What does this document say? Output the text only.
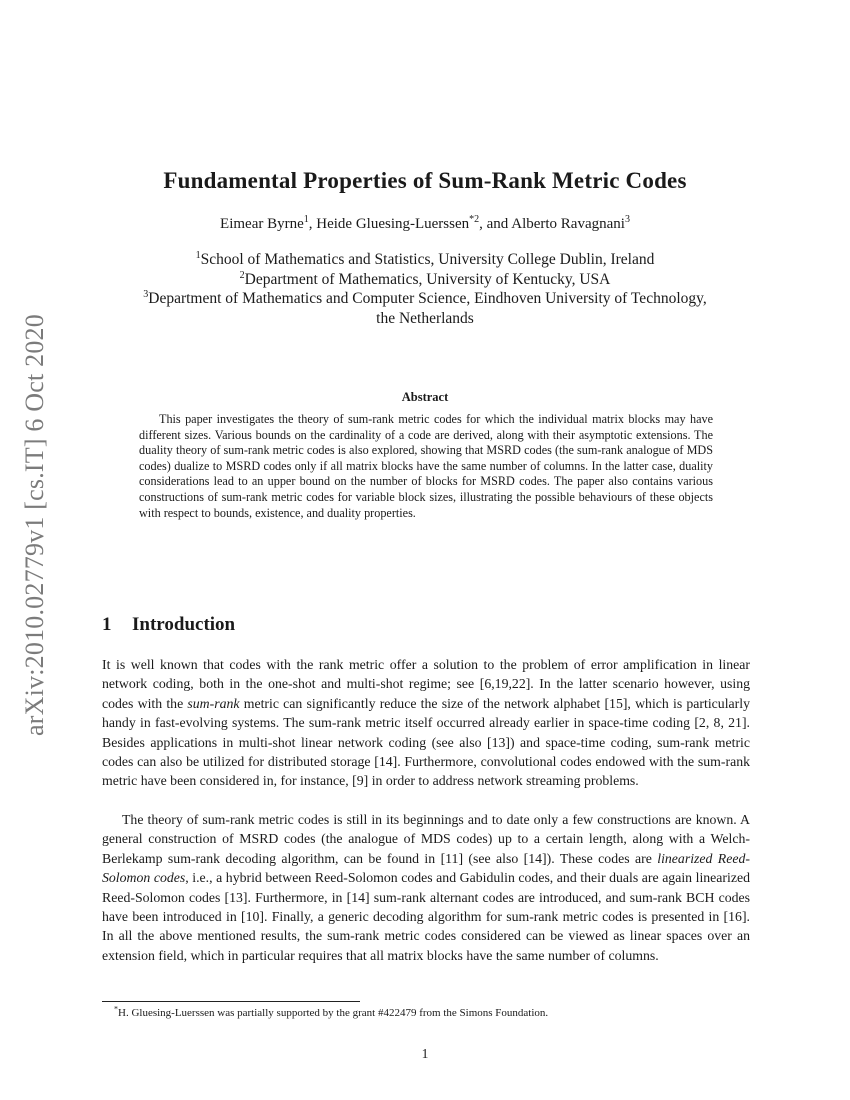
arXiv:2010.02779v1 [cs.IT] 6 Oct 2020
Fundamental Properties of Sum-Rank Metric Codes
Eimear Byrne$^1$, Heide Gluesing-Luerssen$^{*2}$, and Alberto Ravagnani$^3$
$^1$School of Mathematics and Statistics, University College Dublin, Ireland
$^2$Department of Mathematics, University of Kentucky, USA
$^3$Department of Mathematics and Computer Science, Eindhoven University of Technology,
the Netherlands
Abstract
This paper investigates the theory of sum-rank metric codes for which the individual matrix blocks may have different sizes. Various bounds on the cardinality of a code are derived, along with their asymptotic extensions. The duality theory of sum-rank metric codes is also explored, showing that MSRD codes (the sum-rank analogue of MDS codes) dualize to MSRD codes only if all matrix blocks have the same number of columns. In the latter case, duality considerations lead to an upper bound on the number of blocks for MSRD codes. The paper also contains various constructions of sum-rank metric codes for variable block sizes, illustrating the possible behaviours of these objects with respect to bounds, existence, and duality properties.
1 Introduction
It is well known that codes with the rank metric offer a solution to the problem of error amplification in linear network coding, both in the one-shot and multi-shot regime; see [6,19,22]. In the latter scenario however, using codes with the sum-rank metric can significantly reduce the size of the network alphabet [15], which is particularly handy in fast-evolving systems. The sum-rank metric itself occurred already earlier in space-time coding [2, 8, 21]. Besides applications in multi-shot linear network coding (see also [13]) and space-time coding, sum-rank metric codes can also be utilized for distributed storage [14]. Furthermore, convolutional codes endowed with the sum-rank metric have been considered in, for instance, [9] in order to address network streaming problems.
The theory of sum-rank metric codes is still in its beginnings and to date only a few constructions are known. A general construction of MSRD codes (the analogue of MDS codes) up to a certain length, along with a Welch-Berlekamp sum-rank decoding algorithm, can be found in [11] (see also [14]). These codes are linearized Reed-Solomon codes, i.e., a hybrid between Reed-Solomon codes and Gabidulin codes, and their duals are again linearized Reed-Solomon codes [13]. Furthermore, in [14] sum-rank alternant codes are introduced, and sum-rank BCH codes have been introduced in [10]. Finally, a generic decoding algorithm for sum-rank metric codes is presented in [16]. In all the above mentioned results, the sum-rank metric codes considered can be viewed as linear spaces over an extension field, which in particular requires that all matrix blocks have the same number of columns.
*H. Gluesing-Luerssen was partially supported by the grant #422479 from the Simons Foundation.
1
